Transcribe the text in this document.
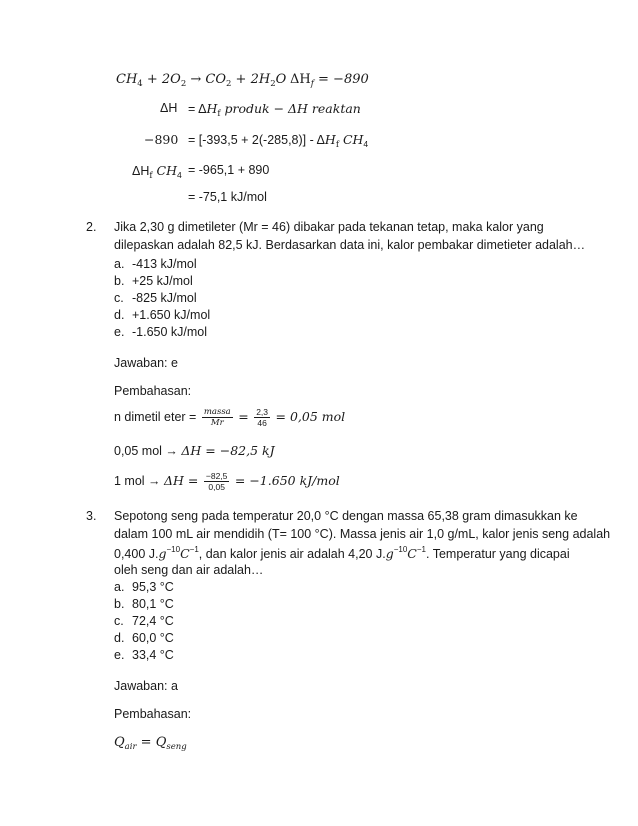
$CH_4 + 2O_2 \to CO_2 + 2H_2O$ $\Delta H_f = -890$
$\Delta H = \Delta H_f$ produk − ΔH reaktan
$-890 = [-393,5 + 2(-285,8)] - \Delta H_f$ $CH_4$
$\Delta H_f$ $CH_4 = -965,1 + 890$
= -75,1 kJ/mol
2. Jika 2,30 g dimetileter (Mr = 46) dibakar pada tekanan tetap, maka kalor yang
dilepaskan adalah 82,5 kJ. Berdasarkan data ini, kalor pembakar dimetieter adalah…
a. -413 kJ/mol
b. +25 kJ/mol
c. -825 kJ/mol
d. +1.650 kJ/mol
e. -1.650 kJ/mol
Jawaban: e
Pembahasan:
n dimetil eter = $\frac{\text{massa}}{Mr} = \frac{2,3}{46} = 0,05$ mol
0,05 mol → ΔH = −82,5 kJ
1 mol → $\Delta H = \frac{-82,5}{0,05} = -1.650$ kJ/mol
3. Sepotong seng pada temperatur 20,0 °C dengan massa 65,38 gram dimasukkan ke
dalam 100 mL air mendidih (T= 100 °C). Massa jenis air 1,0 g/mL, kalor jenis seng adalah
0,400 $J.g^{-10}C^{-1}$, dan kalor jenis air adalah 4,20 $J.g^{-10}C^{-1}$. Temperatur yang dicapai
oleh seng dan air adalah…
a. 95,3 °C
b. 80,1 °C
c. 72,4 °C
d. 60,0 °C
e. 33,4 °C
Jawaban: a
Pembahasan:
$Q_{air} = Q_{seng}$
